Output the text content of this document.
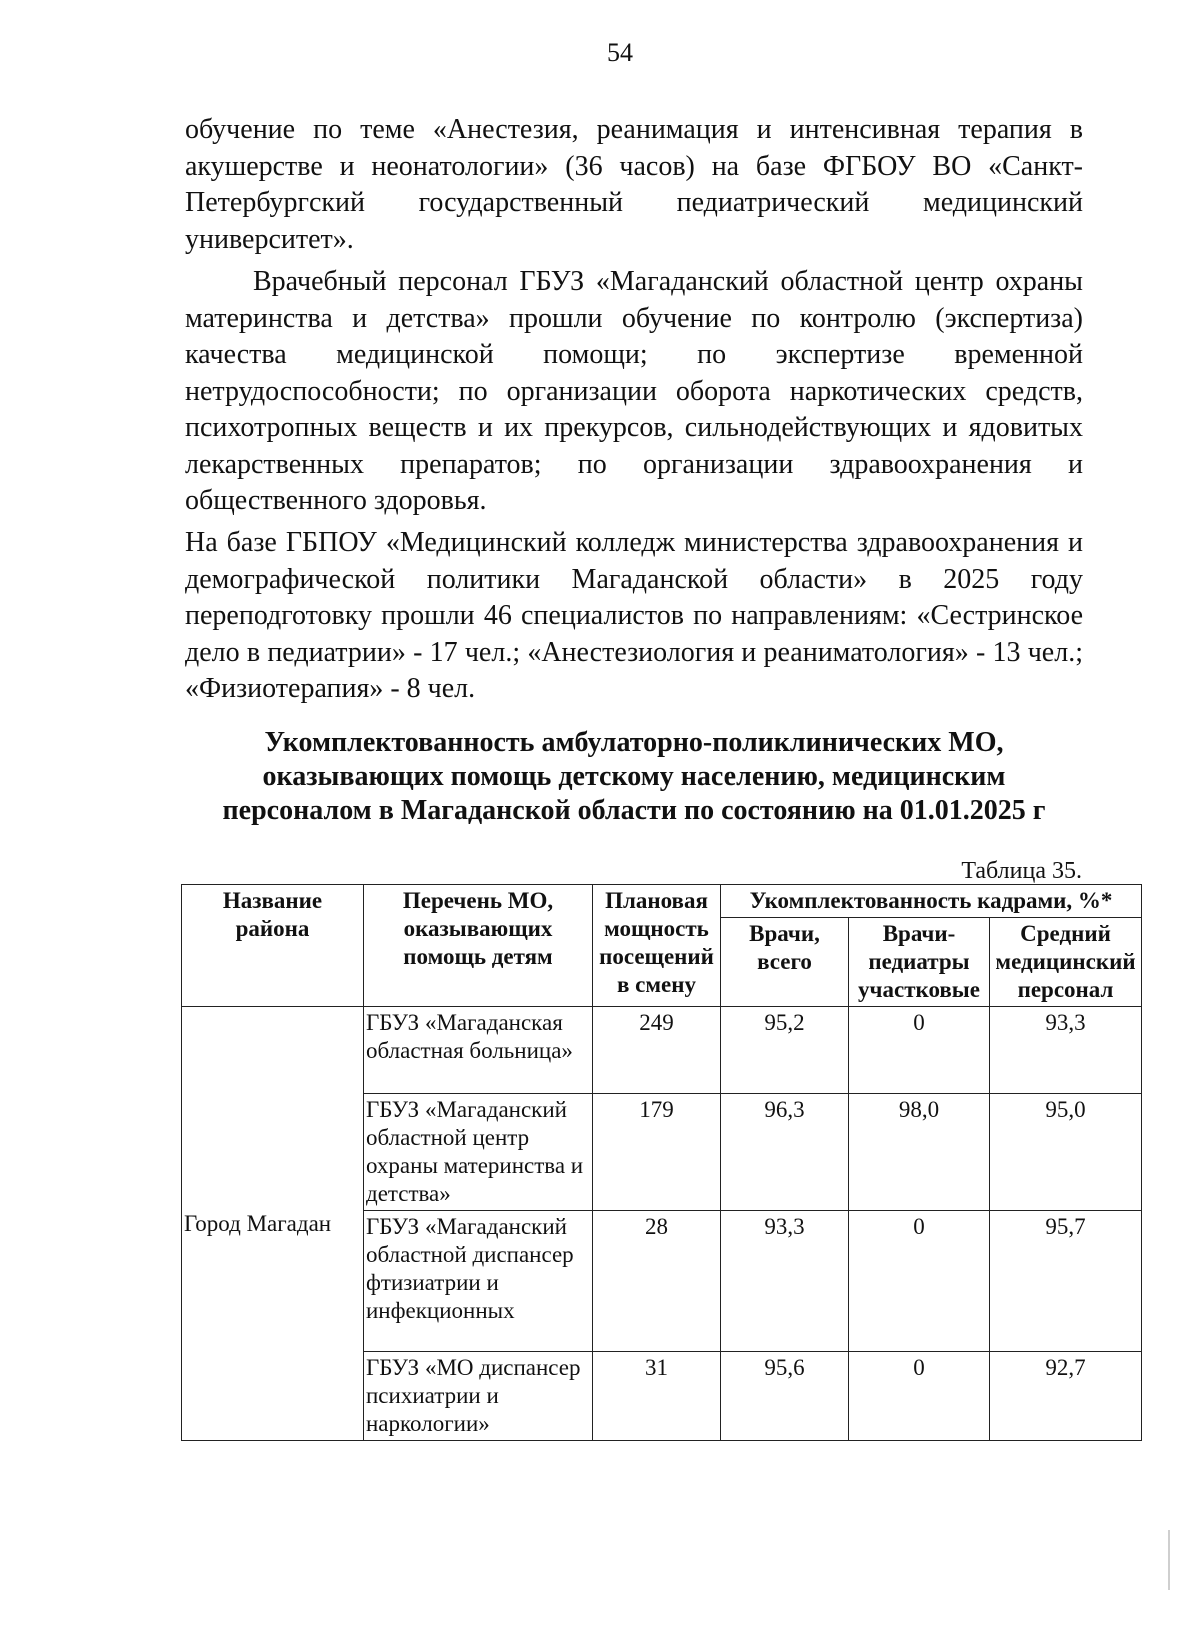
54

обучение по теме «Анестезия, реанимация и интенсивная терапия в акушерстве и неонатологии» (36 часов) на базе ФГБОУ ВО «Санкт-Петербургский государственный педиатрический медицинский университет».

Врачебный персонал ГБУЗ «Магаданский областной центр охраны материнства и детства» прошли обучение по контролю (экспертиза) качества медицинской помощи; по экспертизе временной нетрудоспособности; по организации оборота наркотических средств, психотропных веществ и их прекурсов, сильнодействующих и ядовитых лекарственных препаратов; по организации здравоохранения и общественного здоровья.

На базе ГБПОУ «Медицинский колледж министерства здравоохранения и демографической политики Магаданской области» в 2025 году переподготовку прошли 46 специалистов по направлениям: «Сестринское дело в педиатрии» - 17 чел.; «Анестезиология и реаниматология» - 13 чел.; «Физиотерапия» - 8 чел.

Укомплектованность амбулаторно-поликлинических МО, оказывающих помощь детскому населению, медицинским персоналом в Магаданской области по состоянию на 01.01.2025 г
Таблица 35.
Название района	Перечень МО, оказывающих помощь детям	Плановая мощность посещений в смену	Укомплектованность кадрами, %*		
			Врачи, всего	Врачи-педиатры участковые	Средний медицинский персонал
Город Магадан	ГБУЗ «Магаданская областная больница»	249	95,2	0	93,3
	ГБУЗ «Магаданский областной центр охраны материнства и детства»	179	96,3	98,0	95,0
	ГБУЗ «Магаданский областной диспансер фтизиатрии и инфекционных	28	93,3	0	95,7
	ГБУЗ «МО диспансер психиатрии и наркологии»	31	95,6	0	92,7
